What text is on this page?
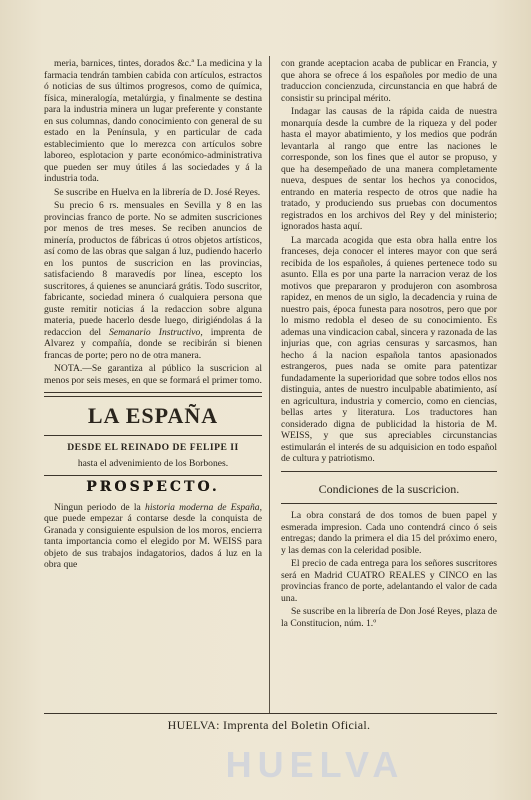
meria, barnices, tintes, dorados &c.ª La medicina y la farmacia tendrán tambien cabida con artículos, estractos ó noticias de sus últimos progresos, como de química, física, mineralogía, metalúrgia, y finalmente se destina para la industria minera un lugar preferente y constante en sus columnas, dando conocimiento con general de su estado en la Península, y en particular de cada establecimiento que lo merezca con artículos sobre laboreo, esplotacion y parte económico-administrativa que pueden ser muy útiles á las sociedades y á la industria toda.

Se suscribe en Huelva en la librería de D. José Reyes.

Su precio 6 rs. mensuales en Sevilla y 8 en las provincias franco de porte. No se admiten suscriciones por menos de tres meses. Se reciben anuncios de minería, productos de fábricas ú otros objetos artísticos, así como de las obras que salgan á luz, pudiendo hacerlo en los puntos de suscricion en las provincias, satisfaciendo 8 maravedís por línea, escepto los suscritores, á quienes se anunciará grátis. Todo suscritor, fabricante, sociedad minera ó cualquiera persona que guste remitir noticias á la redaccion sobre alguna materia, puede hacerlo desde luego, dirigiéndolas á la redaccion del Semanario Instructivo, imprenta de Alvarez y compañía, donde se recibirán si bienen francas de porte; pero no de otra manera.

NOTA.—Se garantiza al público la suscricion al menos por seis meses, en que se formará el primer tomo.

LA ESPAÑA
DESDE EL REINADO DE FELIPE II
hasta el advenimiento de los Borbones.
PROSPECTO.

Ningun periodo de la historia moderna de España, que puede empezar á contarse desde la conquista de Granada y consiguiente espulsion de los moros, encierra tanta importancia como el elegido por M. WEISS para objeto de sus trabajos indagatorios, dados á luz en la obra que

con grande aceptacion acaba de publicar en Francia, y que ahora se ofrece á los españoles por medio de una traduccion concienzuda, circunstancia en que habrá de consistir su principal mérito.

Indagar las causas de la rápida caida de nuestra monarquía desde la cumbre de la riqueza y del poder hasta el mayor abatimiento, y los medios que podrán levantarla al rango que entre las naciones le corresponde, son los fines que el autor se propuso, y que ha desempeñado de una manera completamente nueva, despues de sentar los hechos ya conocidos, entrando en materia respecto de otros que nadie ha tratado, y produciendo sus pruebas con documentos registrados en los archivos del Rey y del ministerio; ignorados hasta aquí.

La marcada acogida que esta obra halla entre los franceses, deja conocer el interes mayor con que será recibida de los españoles, á quienes pertenece todo su asunto. Ella es por una parte la narracion veraz de los motivos que prepararon y produjeron con asombrosa rapidez, en menos de un siglo, la decadencia y ruina de nuestro pais, época funesta para nosotros, pero que por lo mismo redobla el deseo de su conocimiento. Es ademas una vindicacion cabal, sincera y razonada de las injurias que, con agrias censuras y sarcasmos, han hecho á la nacion española tantos apasionados estrangeros, pues nada se omite para patentizar fundadamente la superioridad que sobre todos ellos nos distinguia, antes de nuestro inculpable abatimiento, así en agricultura, industria y comercio, como en ciencias, bellas artes y literatura. Los traductores han considerado digna de publicidad la historia de M. WEISS, y que sus apreciables circunstancias estimularán el interés de su adquisicion en todo español de cultura y patriotismo.

Condiciones de la suscricion.

La obra constará de dos tomos de buen papel y esmerada impresion. Cada uno contendrá cinco ó seis entregas; dando la primera el dia 15 del próximo enero, y las demas con la celeridad posible.

El precio de cada entrega para los señores suscritores será en Madrid CUATRO REALES y CINCO en las provincias franco de porte, adelantando el valor de cada una.

Se suscribe en la librería de Don José Reyes, plaza de la Constitucion, núm. 1.º

HUELVA: Imprenta del Boletin Oficial.
HUELVA
